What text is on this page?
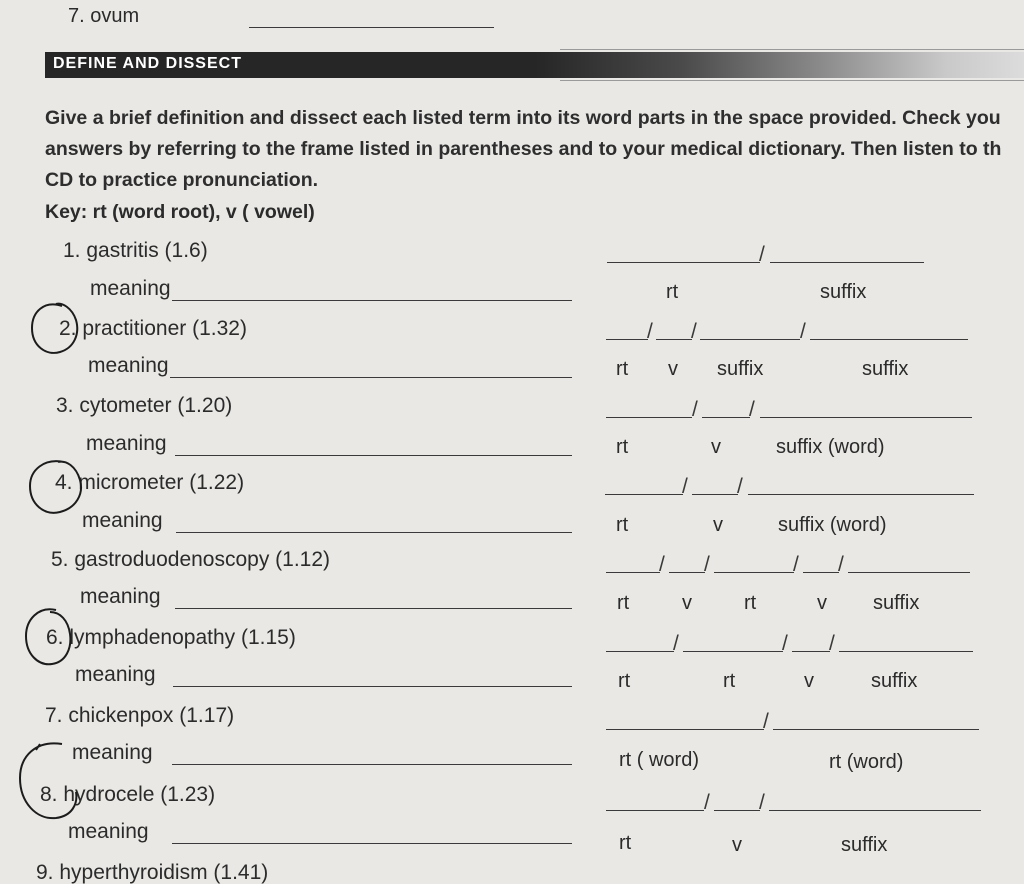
7. ovum
DEFINE AND DISSECT
Give a brief definition and dissect each listed term into its word parts in the space provided. Check you
answers by referring to the frame listed in parentheses and to your medical dictionary. Then listen to th
CD to practice pronunciation.
Key: rt (word root), v ( vowel)
1. gastritis (1.6)	/
meaning	rt	suffix
2. practitioner (1.32)	/ /	/
meaning	rt v suffix	suffix
3. cytometer (1.20)	/ /
meaning	rt	v	suffix (word)
4. micrometer (1.22)	/ /
meaning	rt	v	suffix (word)
5. gastroduodenoscopy (1.12)	/ /	/ /
meaning	rt	v	rt	v suffix
6. lymphadenopathy (1.15)	/	/ /
meaning	rt	rt	v	suffix
7. chickenpox (1.17)	/
meaning	rt ( word)	rt (word)
8. hydrocele (1.23)	/ /
meaning	rt	v	suffix
9. hyperthyroidism (1.41)
